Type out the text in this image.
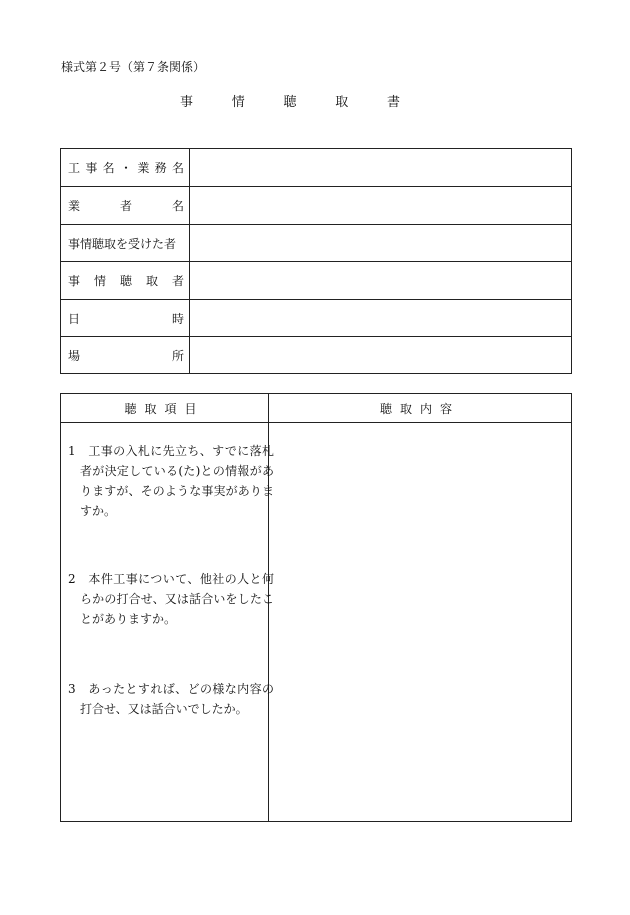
様式第２号（第７条関係）
事	情	聴	取	書
工 事 名 ・ 業 務 名
業	者	名
事情聴取を受けた者
事 情 聴 取 者
日	時
場	所
聴取項目	聴取内容
1 工事の入札に先立ち、すでに落札者が決定している(た)との情報がありますが、そのような事実がありますか。
2 本件工事について、他社の人と何らかの打合せ、又は話合いをしたことがありますか。
3 あったとすれば、どの様な内容の打合せ、又は話合いでしたか。
